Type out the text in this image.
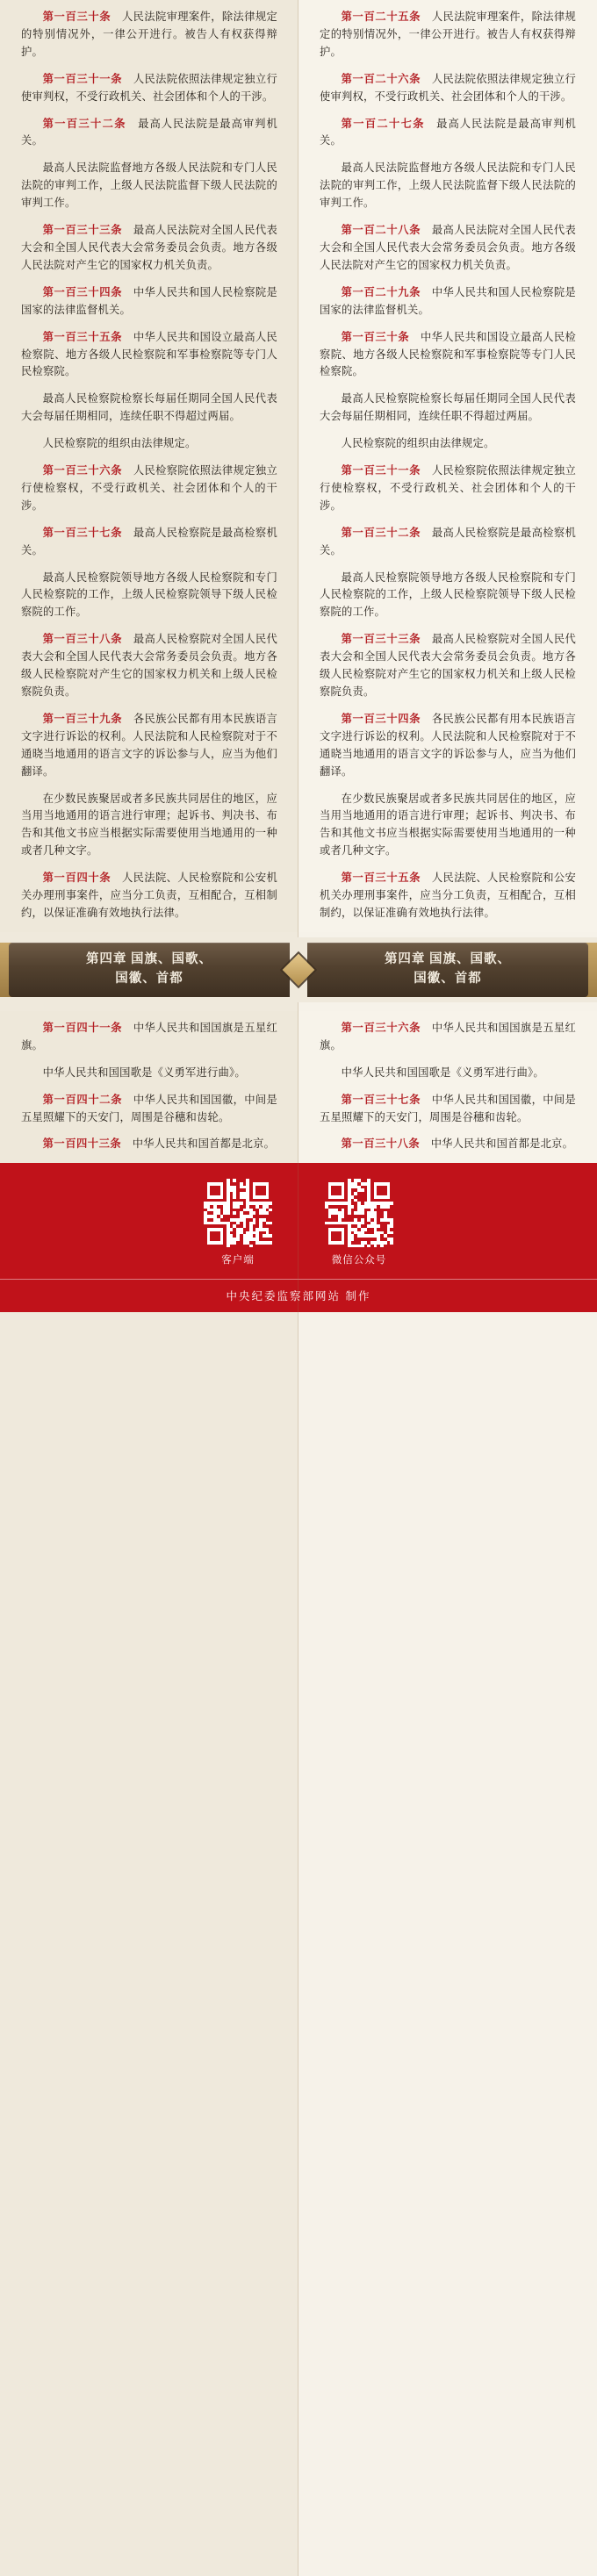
第一百三十条　 人民法院审理案件，除法律规定的特别情况外，一律公开进行。被告人有权获得辩护。

第一百三十一条　 人民法院依照法律规定独立行使审判权，不受行政机关、社会团体和个人的干涉。

第一百三十二条　 最高人民法院是最高审判机关。

最高人民法院监督地方各级人民法院和专门人民法院的审判工作，上级人民法院监督下级人民法院的审判工作。

第一百三十三条　 最高人民法院对全国人民代表大会和全国人民代表大会常务委员会负责。地方各级人民法院对产生它的国家权力机关负责。

第一百三十四条　 中华人民共和国人民检察院是国家的法律监督机关。

第一百三十五条　 中华人民共和国设立最高人民检察院、地方各级人民检察院和军事检察院等专门人民检察院。

最高人民检察院检察长每届任期同全国人民代表大会每届任期相同，连续任职不得超过两届。

人民检察院的组织由法律规定。

第一百三十六条　 人民检察院依照法律规定独立行使检察权，不受行政机关、社会团体和个人的干涉。

第一百三十七条　 最高人民检察院是最高检察机关。

最高人民检察院领导地方各级人民检察院和专门人民检察院的工作，上级人民检察院领导下级人民检察院的工作。

第一百三十八条　 最高人民检察院对全国人民代表大会和全国人民代表大会常务委员会负责。地方各级人民检察院对产生它的国家权力机关和上级人民检察院负责。

第一百三十九条　 各民族公民都有用本民族语言文字进行诉讼的权利。人民法院和人民检察院对于不通晓当地通用的语言文字的诉讼参与人，应当为他们翻译。

在少数民族聚居或者多民族共同居住的地区，应当用当地通用的语言进行审理；起诉书、判决书、布告和其他文书应当根据实际需要使用当地通用的一种或者几种文字。

第一百四十条　 人民法院、人民检察院和公安机关办理刑事案件，应当分工负责，互相配合，互相制约，以保证准确有效地执行法律。

第一百二十五条　 人民法院审理案件，除法律规定的特别情况外，一律公开进行。被告人有权获得辩护。

第一百二十六条　 人民法院依照法律规定独立行使审判权，不受行政机关、社会团体和个人的干涉。

第一百二十七条　 最高人民法院是最高审判机关。

最高人民法院监督地方各级人民法院和专门人民法院的审判工作，上级人民法院监督下级人民法院的审判工作。

第一百二十八条　 最高人民法院对全国人民代表大会和全国人民代表大会常务委员会负责。地方各级人民法院对产生它的国家权力机关负责。

第一百二十九条　 中华人民共和国人民检察院是国家的法律监督机关。

第一百三十条　 中华人民共和国设立最高人民检察院、地方各级人民检察院和军事检察院等专门人民检察院。

最高人民检察院检察长每届任期同全国人民代表大会每届任期相同，连续任职不得超过两届。

人民检察院的组织由法律规定。

第一百三十一条　 人民检察院依照法律规定独立行使检察权，不受行政机关、社会团体和个人的干涉。

第一百三十二条　 最高人民检察院是最高检察机关。

最高人民检察院领导地方各级人民检察院和专门人民检察院的工作，上级人民检察院领导下级人民检察院的工作。

第一百三十三条　 最高人民检察院对全国人民代表大会和全国人民代表大会常务委员会负责。地方各级人民检察院对产生它的国家权力机关和上级人民检察院负责。

第一百三十四条　 各民族公民都有用本民族语言文字进行诉讼的权利。人民法院和人民检察院对于不通晓当地通用的语言文字的诉讼参与人，应当为他们翻译。

在少数民族聚居或者多民族共同居住的地区，应当用当地通用的语言进行审理；起诉书、判决书、布告和其他文书应当根据实际需要使用当地通用的一种或者几种文字。

第一百三十五条　 人民法院、人民检察院和公安机关办理刑事案件，应当分工负责，互相配合，互相制约，以保证准确有效地执行法律。

第四章 国旗、国歌、国徽、首都
第四章 国旗、国歌、国徽、首都

第一百四十一条　 中华人民共和国国旗是五星红旗。

中华人民共和国国歌是《义勇军进行曲》。

第一百四十二条　 中华人民共和国国徽，中间是五星照耀下的天安门，周围是谷穗和齿轮。

第一百四十三条　 中华人民共和国首都是北京。

第一百三十六条　 中华人民共和国国旗是五星红旗。

中华人民共和国国歌是《义勇军进行曲》。

第一百三十七条　 中华人民共和国国徽，中间是五星照耀下的天安门，周围是谷穗和齿轮。

第一百三十八条　 中华人民共和国首都是北京。

客户端	微信公众号
中央纪委监察部网站 制作
